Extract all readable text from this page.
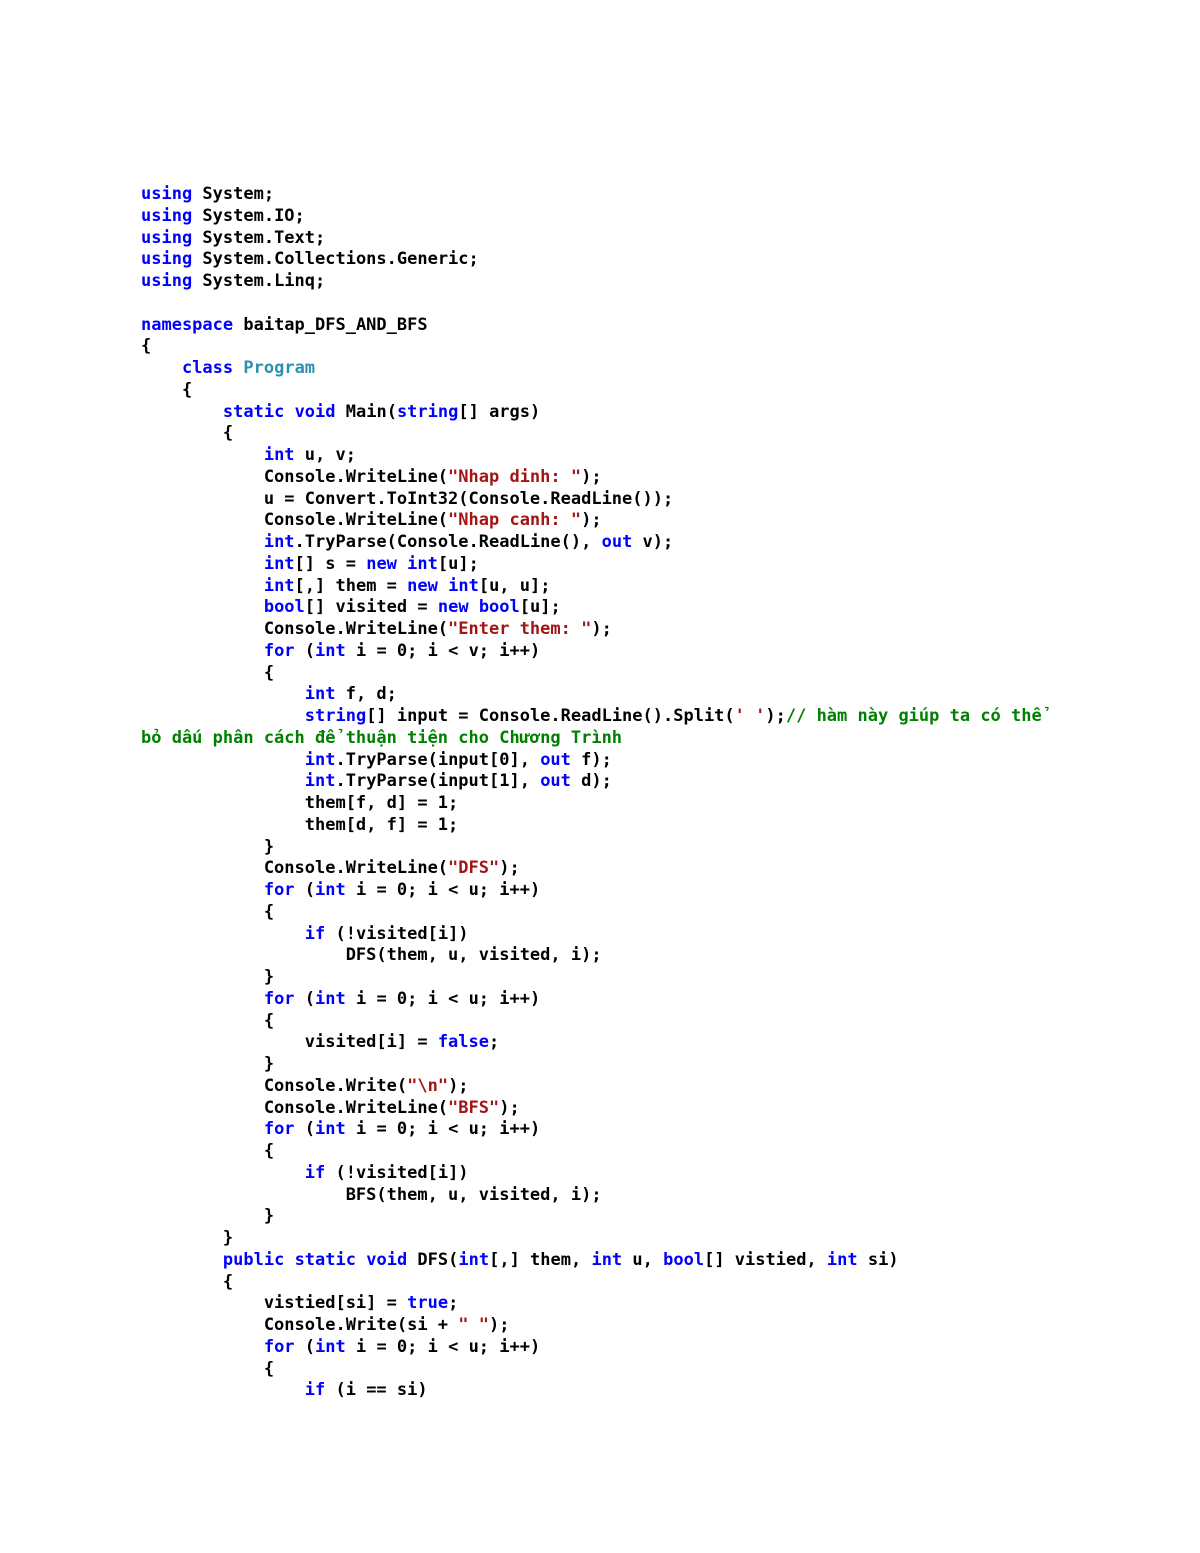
using System;
using System.IO;
using System.Text;
using System.Collections.Generic;
using System.Linq;

namespace baitap_DFS_AND_BFS
{
class Program
{
static void Main(string[] args)
{
int u, v;
Console.WriteLine("Nhap dinh: ");
u = Convert.ToInt32(Console.ReadLine());
Console.WriteLine("Nhap canh: ");
int.TryParse(Console.ReadLine(), out v);
int[] s = new int[u];
int[,] them = new int[u, u];
bool[] visited = new bool[u];
Console.WriteLine("Enter them: ");
for (int i = 0; i < v; i++)
{
int f, d;
string[] input = Console.ReadLine().Split(' ');// hàm này giúp ta có thể
bỏ dấu phân cách để thuận tiện cho Chương Trình
int.TryParse(input[0], out f);
int.TryParse(input[1], out d);
them[f, d] = 1;
them[d, f] = 1;
}
Console.WriteLine("DFS");
for (int i = 0; i < u; i++)
{
if (!visited[i])
DFS(them, u, visited, i);
}
for (int i = 0; i < u; i++)
{
visited[i] = false;
}
Console.Write("\n");
Console.WriteLine("BFS");
for (int i = 0; i < u; i++)
{
if (!visited[i])
BFS(them, u, visited, i);
}
}
public static void DFS(int[,] them, int u, bool[] vistied, int si)
{
vistied[si] = true;
Console.Write(si + " ");
for (int i = 0; i < u; i++)
{
if (i == si)
